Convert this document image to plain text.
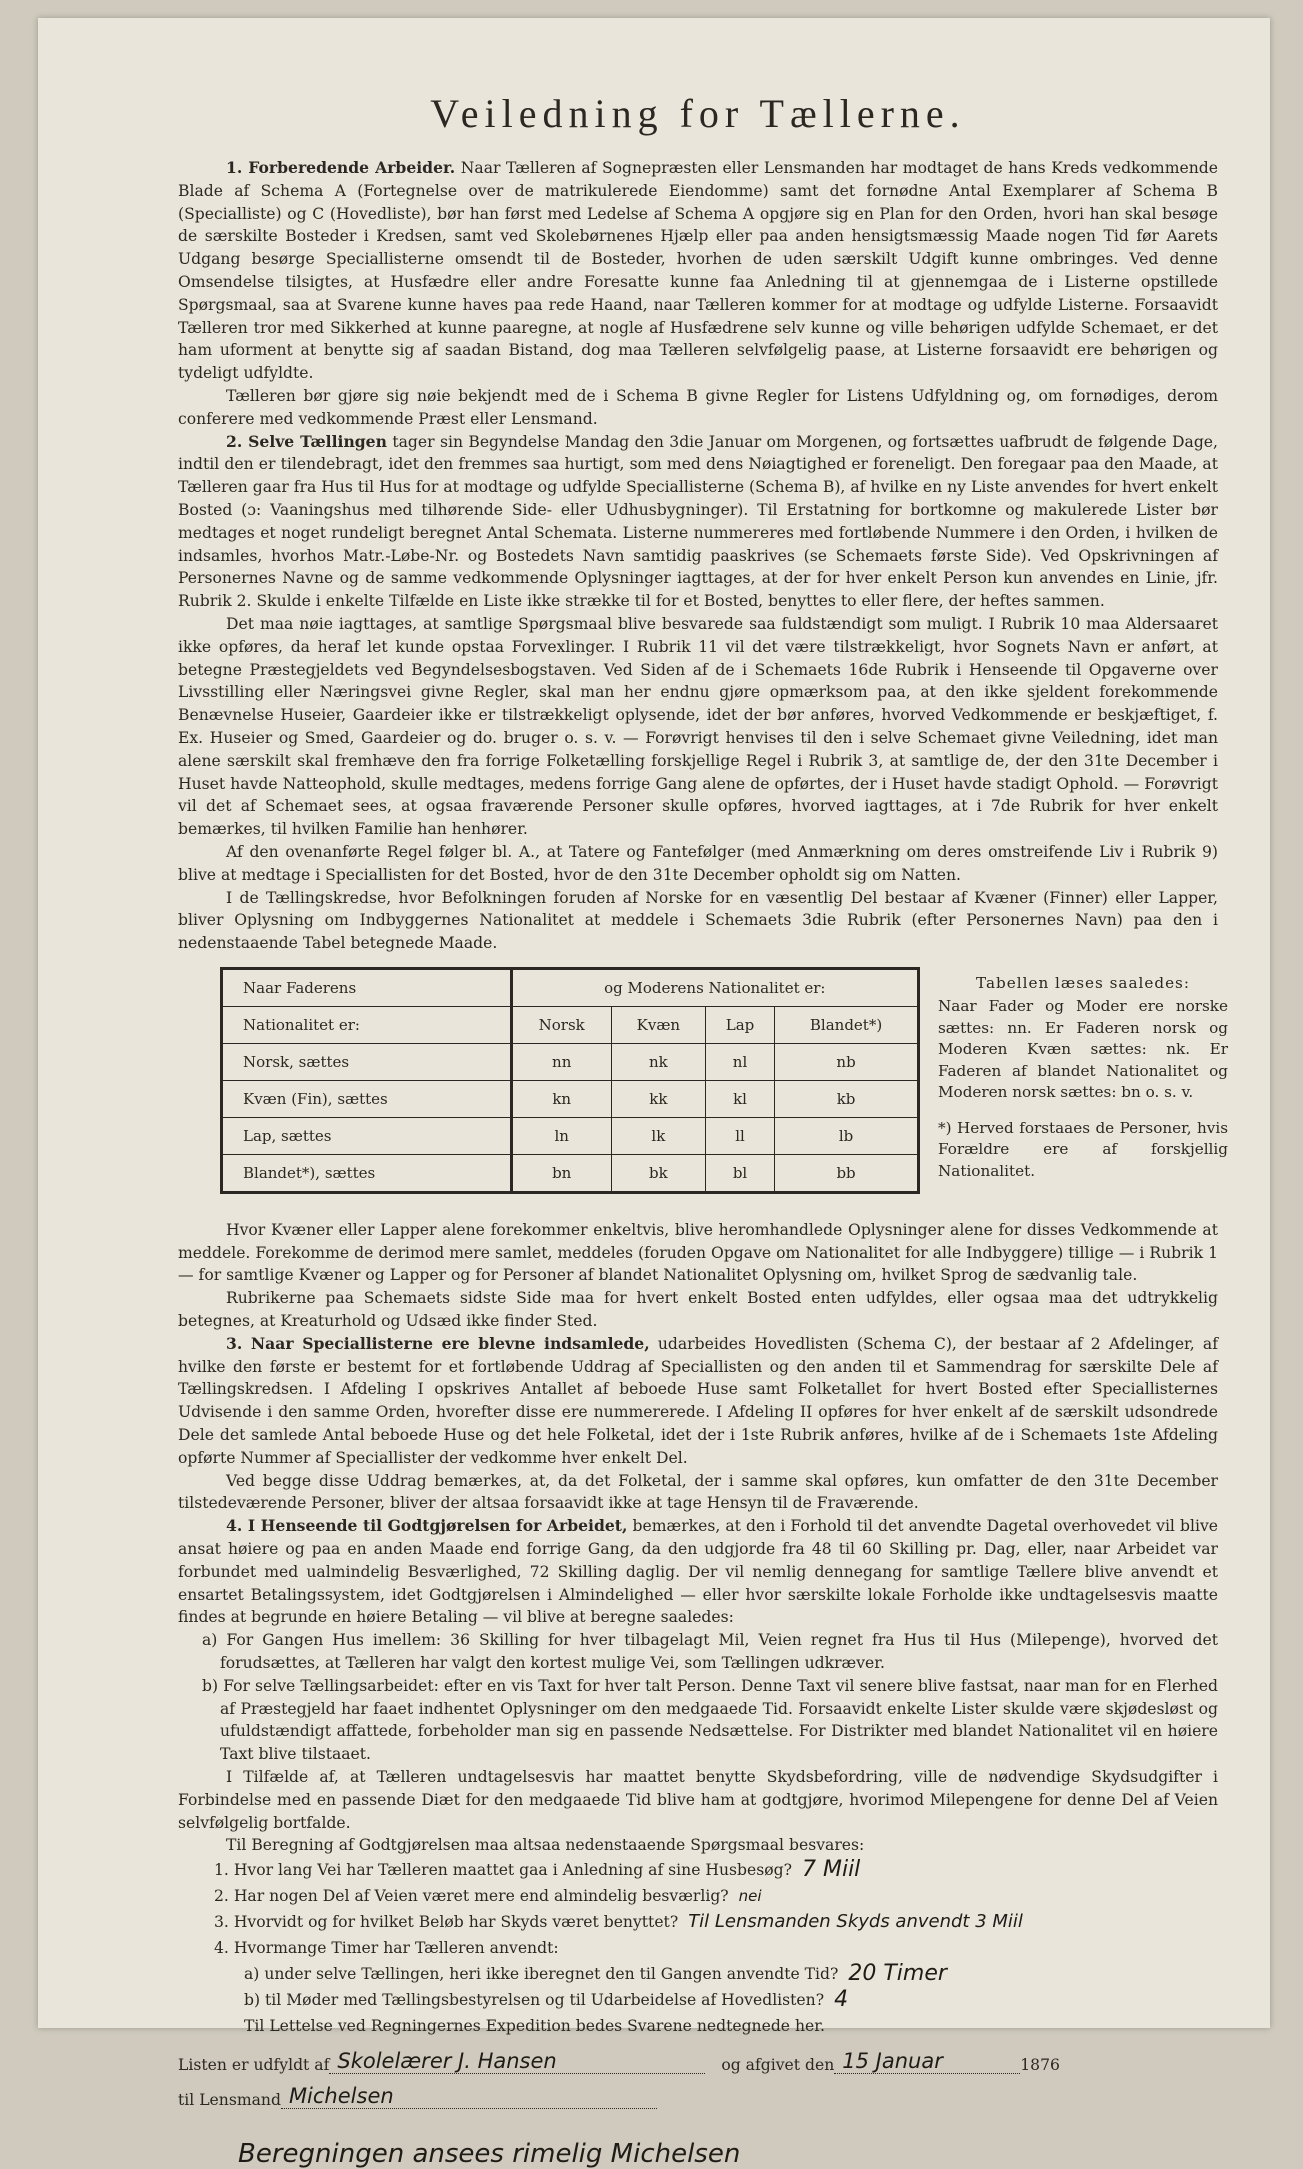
Veiledning for Tællerne.

1. Forberedende Arbeider. Naar Tælleren af Sognepræsten eller Lensmanden har modtaget de hans Kreds vedkommende Blade af Schema A (Fortegnelse over de matrikulerede Eiendomme) samt det fornødne Antal Exemplarer af Schema B (Specialliste) og C (Hovedliste), bør han først med Ledelse af Schema A opgjøre sig en Plan for den Orden, hvori han skal besøge de særskilte Bosteder i Kredsen, samt ved Skolebørnenes Hjælp eller paa anden hensigtsmæssig Maade nogen Tid før Aarets Udgang besørge Speciallisterne omsendt til de Bosteder, hvorhen de uden særskilt Udgift kunne ombringes. Ved denne Omsendelse tilsigtes, at Husfædre eller andre Foresatte kunne faa Anledning til at gjennemgaa de i Listerne opstillede Spørgsmaal, saa at Svarene kunne haves paa rede Haand, naar Tælleren kommer for at modtage og udfylde Listerne. Forsaavidt Tælleren tror med Sikkerhed at kunne paaregne, at nogle af Husfædrene selv kunne og ville behørigen udfylde Schemaet, er det ham uforment at benytte sig af saadan Bistand, dog maa Tælleren selvfølgelig paase, at Listerne forsaavidt ere behørigen og tydeligt udfyldte.

Tælleren bør gjøre sig nøie bekjendt med de i Schema B givne Regler for Listens Udfyldning og, om fornødiges, derom conferere med vedkommende Præst eller Lensmand.

2. Selve Tællingen tager sin Begyndelse Mandag den 3die Januar om Morgenen, og fortsættes uafbrudt de følgende Dage, indtil den er tilendebragt, idet den fremmes saa hurtigt, som med dens Nøiagtighed er foreneligt. Den foregaar paa den Maade, at Tælleren gaar fra Hus til Hus for at modtage og udfylde Speciallisterne (Schema B), af hvilke en ny Liste anvendes for hvert enkelt Bosted (ɔ: Vaaningshus med tilhørende Side- eller Udhusbygninger). Til Erstatning for bortkomne og makulerede Lister bør medtages et noget rundeligt beregnet Antal Schemata. Listerne nummereres med fortløbende Nummere i den Orden, i hvilken de indsamles, hvorhos Matr.-Løbe-Nr. og Bostedets Navn samtidig paaskrives (se Schemaets første Side). Ved Opskrivningen af Personernes Navne og de samme vedkommende Oplysninger iagttages, at der for hver enkelt Person kun anvendes en Linie, jfr. Rubrik 2. Skulde i enkelte Tilfælde en Liste ikke strække til for et Bosted, benyttes to eller flere, der heftes sammen.

Det maa nøie iagttages, at samtlige Spørgsmaal blive besvarede saa fuldstændigt som muligt. I Rubrik 10 maa Aldersaaret ikke opføres, da heraf let kunde opstaa Forvexlinger. I Rubrik 11 vil det være tilstrækkeligt, hvor Sognets Navn er anført, at betegne Præstegjeldets ved Begyndelsesbogstaven. Ved Siden af de i Schemaets 16de Rubrik i Henseende til Opgaverne over Livsstilling eller Næringsvei givne Regler, skal man her endnu gjøre opmærksom paa, at den ikke sjeldent forekommende Benævnelse Huseier, Gaardeier ikke er tilstrækkeligt oplysende, idet der bør anføres, hvorved Vedkommende er beskjæftiget, f. Ex. Huseier og Smed, Gaardeier og do. bruger o. s. v. — Forøvrigt henvises til den i selve Schemaet givne Veiledning, idet man alene særskilt skal fremhæve den fra forrige Folketælling forskjellige Regel i Rubrik 3, at samtlige de, der den 31te December i Huset havde Natteophold, skulle medtages, medens forrige Gang alene de opførtes, der i Huset havde stadigt Ophold. — Forøvrigt vil det af Schemaet sees, at ogsaa fraværende Personer skulle opføres, hvorved iagttages, at i 7de Rubrik for hver enkelt bemærkes, til hvilken Familie han henhører.

Af den ovenanførte Regel følger bl. A., at Tatere og Fantefølger (med Anmærkning om deres omstreifende Liv i Rubrik 9) blive at medtage i Speciallisten for det Bosted, hvor de den 31te December opholdt sig om Natten.

I de Tællingskredse, hvor Befolkningen foruden af Norske for en væsentlig Del bestaar af Kvæner (Finner) eller Lapper, bliver Oplysning om Indbyggernes Nationalitet at meddele i Schemaets 3die Rubrik (efter Personernes Navn) paa den i nedenstaaende Tabel betegnede Maade.

Naar Faderens	og Moderens Nationalitet er:			
Nationalitet er:	Norsk	Kvæn	Lap	Blandet*)
Norsk, sættes	nn	nk	nl	nb
Kvæn (Fin), sættes	kn	kk	kl	kb
Lap, sættes	ln	lk	ll	lb
Blandet*), sættes	bn	bk	bl	bb
Tabellen læses saaledes:

Naar Fader og Moder ere norske sættes: nn. Er Faderen norsk og Moderen Kvæn sættes: nk. Er Faderen af blandet Nationalitet og Moderen norsk sættes: bn o. s. v.

*) Herved forstaaes de Personer, hvis Forældre ere af forskjellig Nationalitet.

Hvor Kvæner eller Lapper alene forekommer enkeltvis, blive heromhandlede Oplysninger alene for disses Vedkommende at meddele. Forekomme de derimod mere samlet, meddeles (foruden Opgave om Nationalitet for alle Indbyggere) tillige — i Rubrik 1 — for samtlige Kvæner og Lapper og for Personer af blandet Nationalitet Oplysning om, hvilket Sprog de sædvanlig tale.

Rubrikerne paa Schemaets sidste Side maa for hvert enkelt Bosted enten udfyldes, eller ogsaa maa det udtrykkelig betegnes, at Kreaturhold og Udsæd ikke finder Sted.

3. Naar Speciallisterne ere blevne indsamlede, udarbeides Hovedlisten (Schema C), der bestaar af 2 Afdelinger, af hvilke den første er bestemt for et fortløbende Uddrag af Speciallisten og den anden til et Sammendrag for særskilte Dele af Tællingskredsen. I Afdeling I opskrives Antallet af beboede Huse samt Folketallet for hvert Bosted efter Speciallisternes Udvisende i den samme Orden, hvorefter disse ere nummererede. I Afdeling II opføres for hver enkelt af de særskilt udsondrede Dele det samlede Antal beboede Huse og det hele Folketal, idet der i 1ste Rubrik anføres, hvilke af de i Schemaets 1ste Afdeling opførte Nummer af Speciallister der vedkomme hver enkelt Del.

Ved begge disse Uddrag bemærkes, at, da det Folketal, der i samme skal opføres, kun omfatter de den 31te December tilstedeværende Personer, bliver der altsaa forsaavidt ikke at tage Hensyn til de Fraværende.

4. I Henseende til Godtgjørelsen for Arbeidet, bemærkes, at den i Forhold til det anvendte Dagetal overhovedet vil blive ansat høiere og paa en anden Maade end forrige Gang, da den udgjorde fra 48 til 60 Skilling pr. Dag, eller, naar Arbeidet var forbundet med ualmindelig Besværlighed, 72 Skilling daglig. Der vil nemlig dennegang for samtlige Tællere blive anvendt et ensartet Betalingssystem, idet Godtgjørelsen i Almindelighed — eller hvor særskilte lokale Forholde ikke undtagelsesvis maatte findes at begrunde en høiere Betaling — vil blive at beregne saaledes:

a) For Gangen Hus imellem: 36 Skilling for hver tilbagelagt Mil, Veien regnet fra Hus til Hus (Milepenge), hvorved det forudsættes, at Tælleren har valgt den kortest mulige Vei, som Tællingen udkræver.

b) For selve Tællingsarbeidet: efter en vis Taxt for hver talt Person. Denne Taxt vil senere blive fastsat, naar man for en Flerhed af Præstegjeld har faaet indhentet Oplysninger om den medgaaede Tid. Forsaavidt enkelte Lister skulde være skjødesløst og ufuldstændigt affattede, forbeholder man sig en passende Nedsættelse. For Distrikter med blandet Nationalitet vil en høiere Taxt blive tilstaaet.

I Tilfælde af, at Tælleren undtagelsesvis har maattet benytte Skydsbefordring, ville de nødvendige Skydsudgifter i Forbindelse med en passende Diæt for den medgaaede Tid blive ham at godtgjøre, hvorimod Milepengene for denne Del af Veien selvfølgelig bortfalde.

Til Beregning af Godtgjørelsen maa altsaa nedenstaaende Spørgsmaal besvares:

1. Hvor lang Vei har Tælleren maattet gaa i Anledning af sine Husbesøg? 7 Miil
2. Har nogen Del af Veien været mere end almindelig besværlig? nei
3. Hvorvidt og for hvilket Beløb har Skyds været benyttet? Til Lensmanden Skyds anvendt 3 Miil
4. Hvormange Timer har Tælleren anvendt:
a) under selve Tællingen, heri ikke iberegnet den til Gangen anvendte Tid? 20 Timer
b) til Møder med Tællingsbestyrelsen og til Udarbeidelse af Hovedlisten? 4
Til Lettelse ved Regningernes Expedition bedes Svarene nedtegnede her.
Listen er udfyldt af Skolelærer J. Hansen	og afgivet den 15 Januar	1876
til Lensmand Michelsen
Beregningen ansees rimelig Michelsen
